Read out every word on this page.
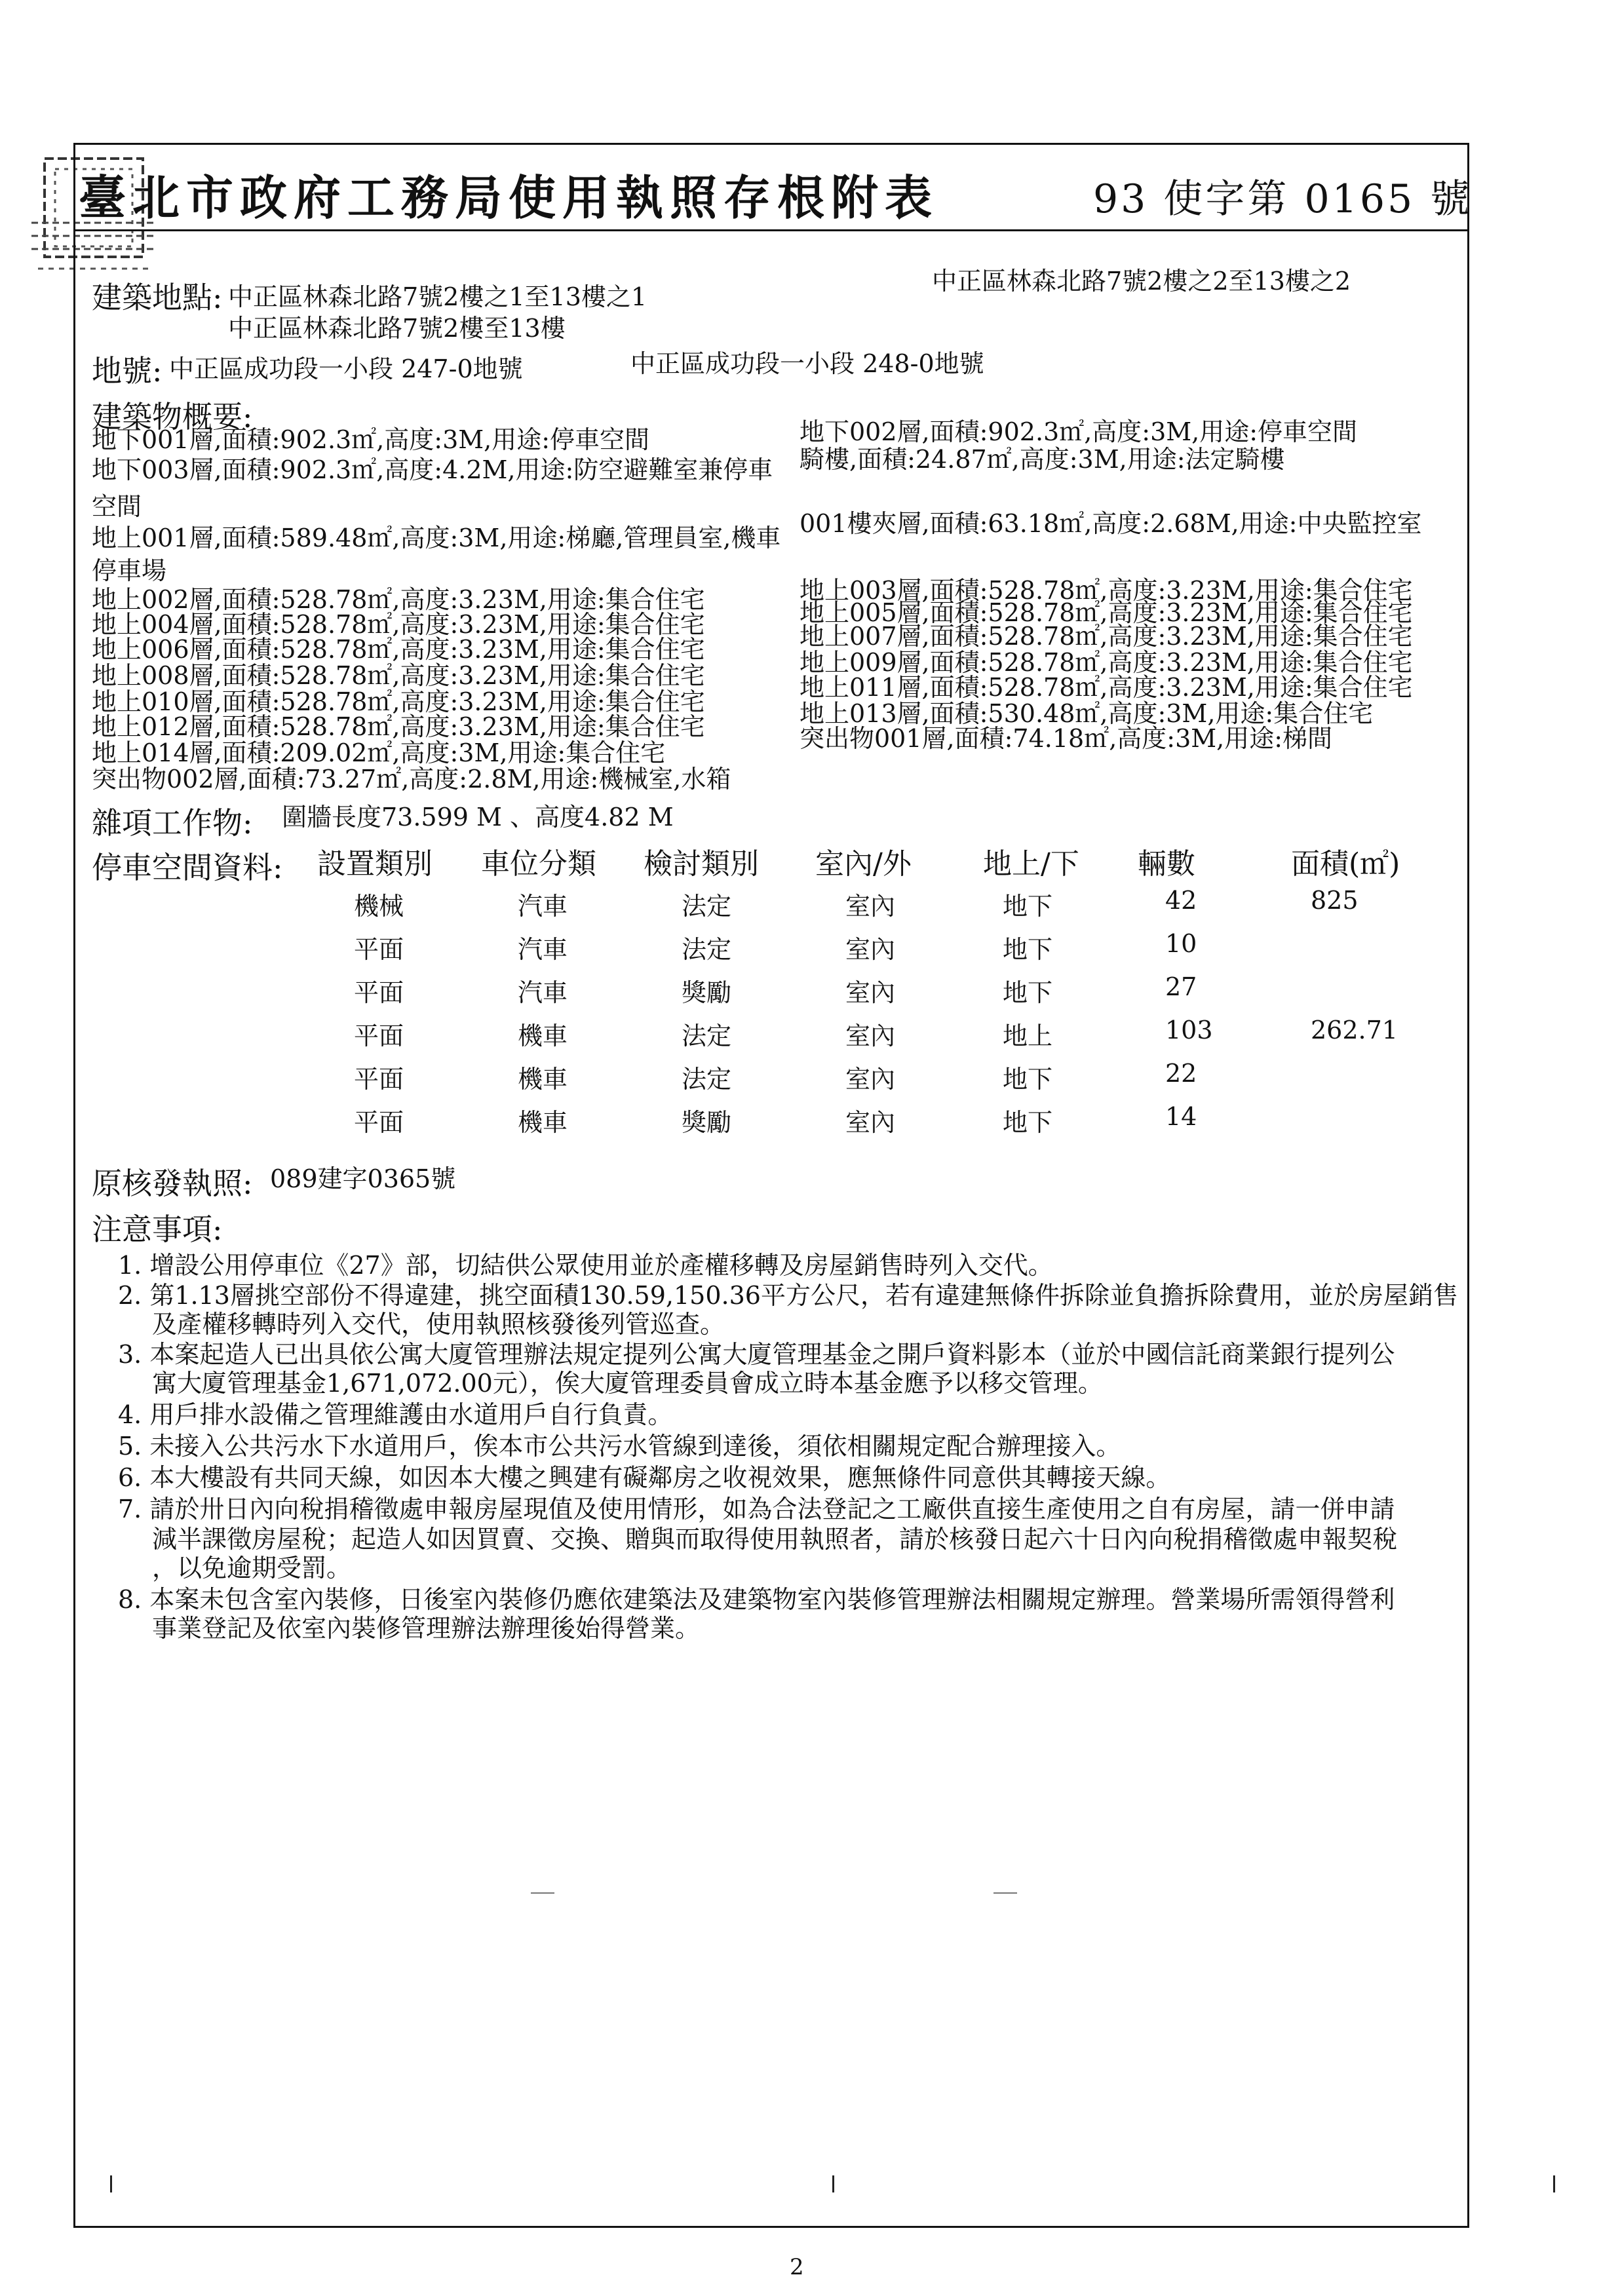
臺北市政府工務局使用執照存根附表	93 使字第 0165 號
建築地點: 中正區林森北路7號2樓之1至13樓之1
中正區林森北路7號2樓至13樓
中正區林森北路7號2樓之2至13樓之2
地號: 中正區成功段一小段 247-0地號	中正區成功段一小段 248-0地號
建築物概要:
地下001層,面積:902.3㎡,高度:3M,用途:停車空間
地下003層,面積:902.3㎡,高度:4.2M,用途:防空避難室兼停車
空間
地上001層,面積:589.48㎡,高度:3M,用途:梯廳,管理員室,機車
停車場
地上002層,面積:528.78㎡,高度:3.23M,用途:集合住宅
地上004層,面積:528.78㎡,高度:3.23M,用途:集合住宅
地上006層,面積:528.78㎡,高度:3.23M,用途:集合住宅
地上008層,面積:528.78㎡,高度:3.23M,用途:集合住宅
地上010層,面積:528.78㎡,高度:3.23M,用途:集合住宅
地上012層,面積:528.78㎡,高度:3.23M,用途:集合住宅
地上014層,面積:209.02㎡,高度:3M,用途:集合住宅
突出物002層,面積:73.27㎡,高度:2.8M,用途:機械室,水箱
地下002層,面積:902.3㎡,高度:3M,用途:停車空間
騎樓,面積:24.87㎡,高度:3M,用途:法定騎樓
001樓夾層,面積:63.18㎡,高度:2.68M,用途:中央監控室
地上003層,面積:528.78㎡,高度:3.23M,用途:集合住宅
地上005層,面積:528.78㎡,高度:3.23M,用途:集合住宅
地上007層,面積:528.78㎡,高度:3.23M,用途:集合住宅
地上009層,面積:528.78㎡,高度:3.23M,用途:集合住宅
地上011層,面積:528.78㎡,高度:3.23M,用途:集合住宅
地上013層,面積:530.48㎡,高度:3M,用途:集合住宅
突出物001層,面積:74.18㎡,高度:3M,用途:梯間
雜項工作物: 圍牆長度73.599 M 、高度4.82 M
停車空間資料: 設置類別 車位分類 檢討類別 室內/外 地上/下 輛數	面積(㎡)
機械	汽車	法定	室內	地下	42	825
平面	汽車	法定	室內	地下	10
平面	汽車	獎勵	室內	地下	27
平面	機車	法定	室內	地上	103	262.71
平面	機車	法定	室內	地下	22
平面	機車	獎勵	室內	地下	14
原核發執照: 089建字0365號
注意事項:
1. 增設公用停車位《27》部，切結供公眾使用並於產權移轉及房屋銷售時列入交代。
2. 第1.13層挑空部份不得違建，挑空面積130.59,150.36平方公尺，若有違建無條件拆除並負擔拆除費用，並於房屋銷售
及產權移轉時列入交代，使用執照核發後列管巡查。
3. 本案起造人已出具依公寓大廈管理辦法規定提列公寓大廈管理基金之開戶資料影本（並於中國信託商業銀行提列公
寓大廈管理基金1,671,072.00元），俟大廈管理委員會成立時本基金應予以移交管理。
4. 用戶排水設備之管理維護由水道用戶自行負責。
5. 未接入公共污水下水道用戶，俟本市公共污水管線到達後，須依相關規定配合辦理接入。
6. 本大樓設有共同天線，如因本大樓之興建有礙鄰房之收視效果，應無條件同意供其轉接天線。
7. 請於卅日內向稅捐稽徵處申報房屋現值及使用情形，如為合法登記之工廠供直接生產使用之自有房屋，請一併申請
減半課徵房屋稅；起造人如因買賣、交換、贈與而取得使用執照者，請於核發日起六十日內向稅捐稽徵處申報契稅
，以免逾期受罰。
8. 本案未包含室內裝修，日後室內裝修仍應依建築法及建築物室內裝修管理辦法相關規定辦理。營業場所需領得營利
事業登記及依室內裝修管理辦法辦理後始得營業。
2
